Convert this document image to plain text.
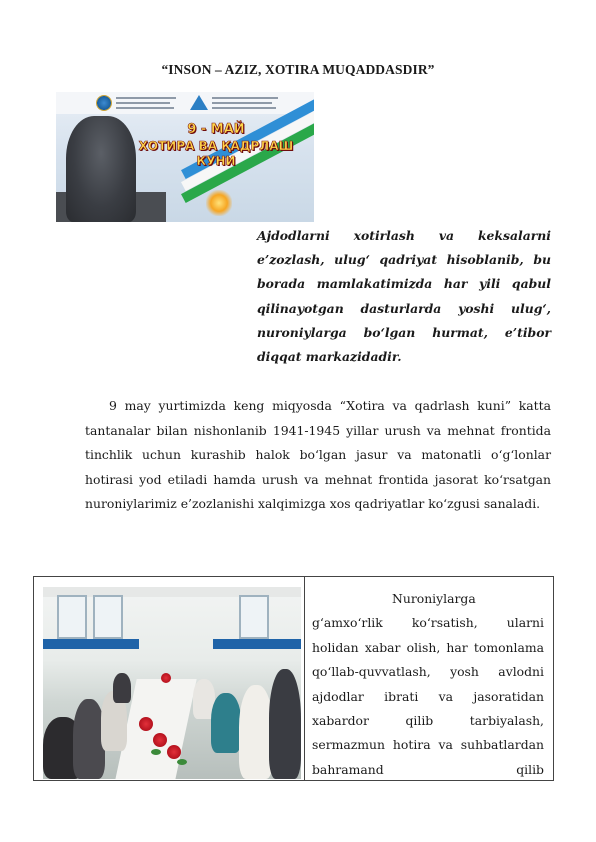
“INSON – AZIZ, XOTIRA MUQADDASDIR”
9 - МАЙ
ХОТИРА ВА ҚАДРЛАШ
КУНИ
Ajdodlarni xotirlash va keksalarni e’zozlash, ulug‘ qadriyat hisoblanib, bu borada mamlakatimizda har yili qabul qilinayotgan dasturlarda yoshi ulug‘, nuroniylarga bo‘lgan hurmat, e’tibor diqqat markazidadir.
9 may yurtimizda keng miqyosda “Xotira va qadrlash kuni” katta tantanalar bilan nishonlanib 1941-1945 yillar urush va mehnat frontida tinchlik uchun kurashib halok bo‘lgan jasur va matonatli o‘g‘lonlar hotirasi yod etiladi hamda urush va mehnat frontida jasorat ko‘rsatgan nuroniylarimiz e’zozlanishi xalqimizga xos qadriyatlar ko‘zgusi sanaladi.
Nuroniylarga g‘amxo‘rlik ko‘rsatish, ularni holidan xabar olish, har tomonlama qo‘llab-quvvatlash, yosh avlodni ajdodlar ibrati va jasoratidan xabardor qilib tarbiyalash, sermazmun hotira va suhbatlardan bahramand qilib
